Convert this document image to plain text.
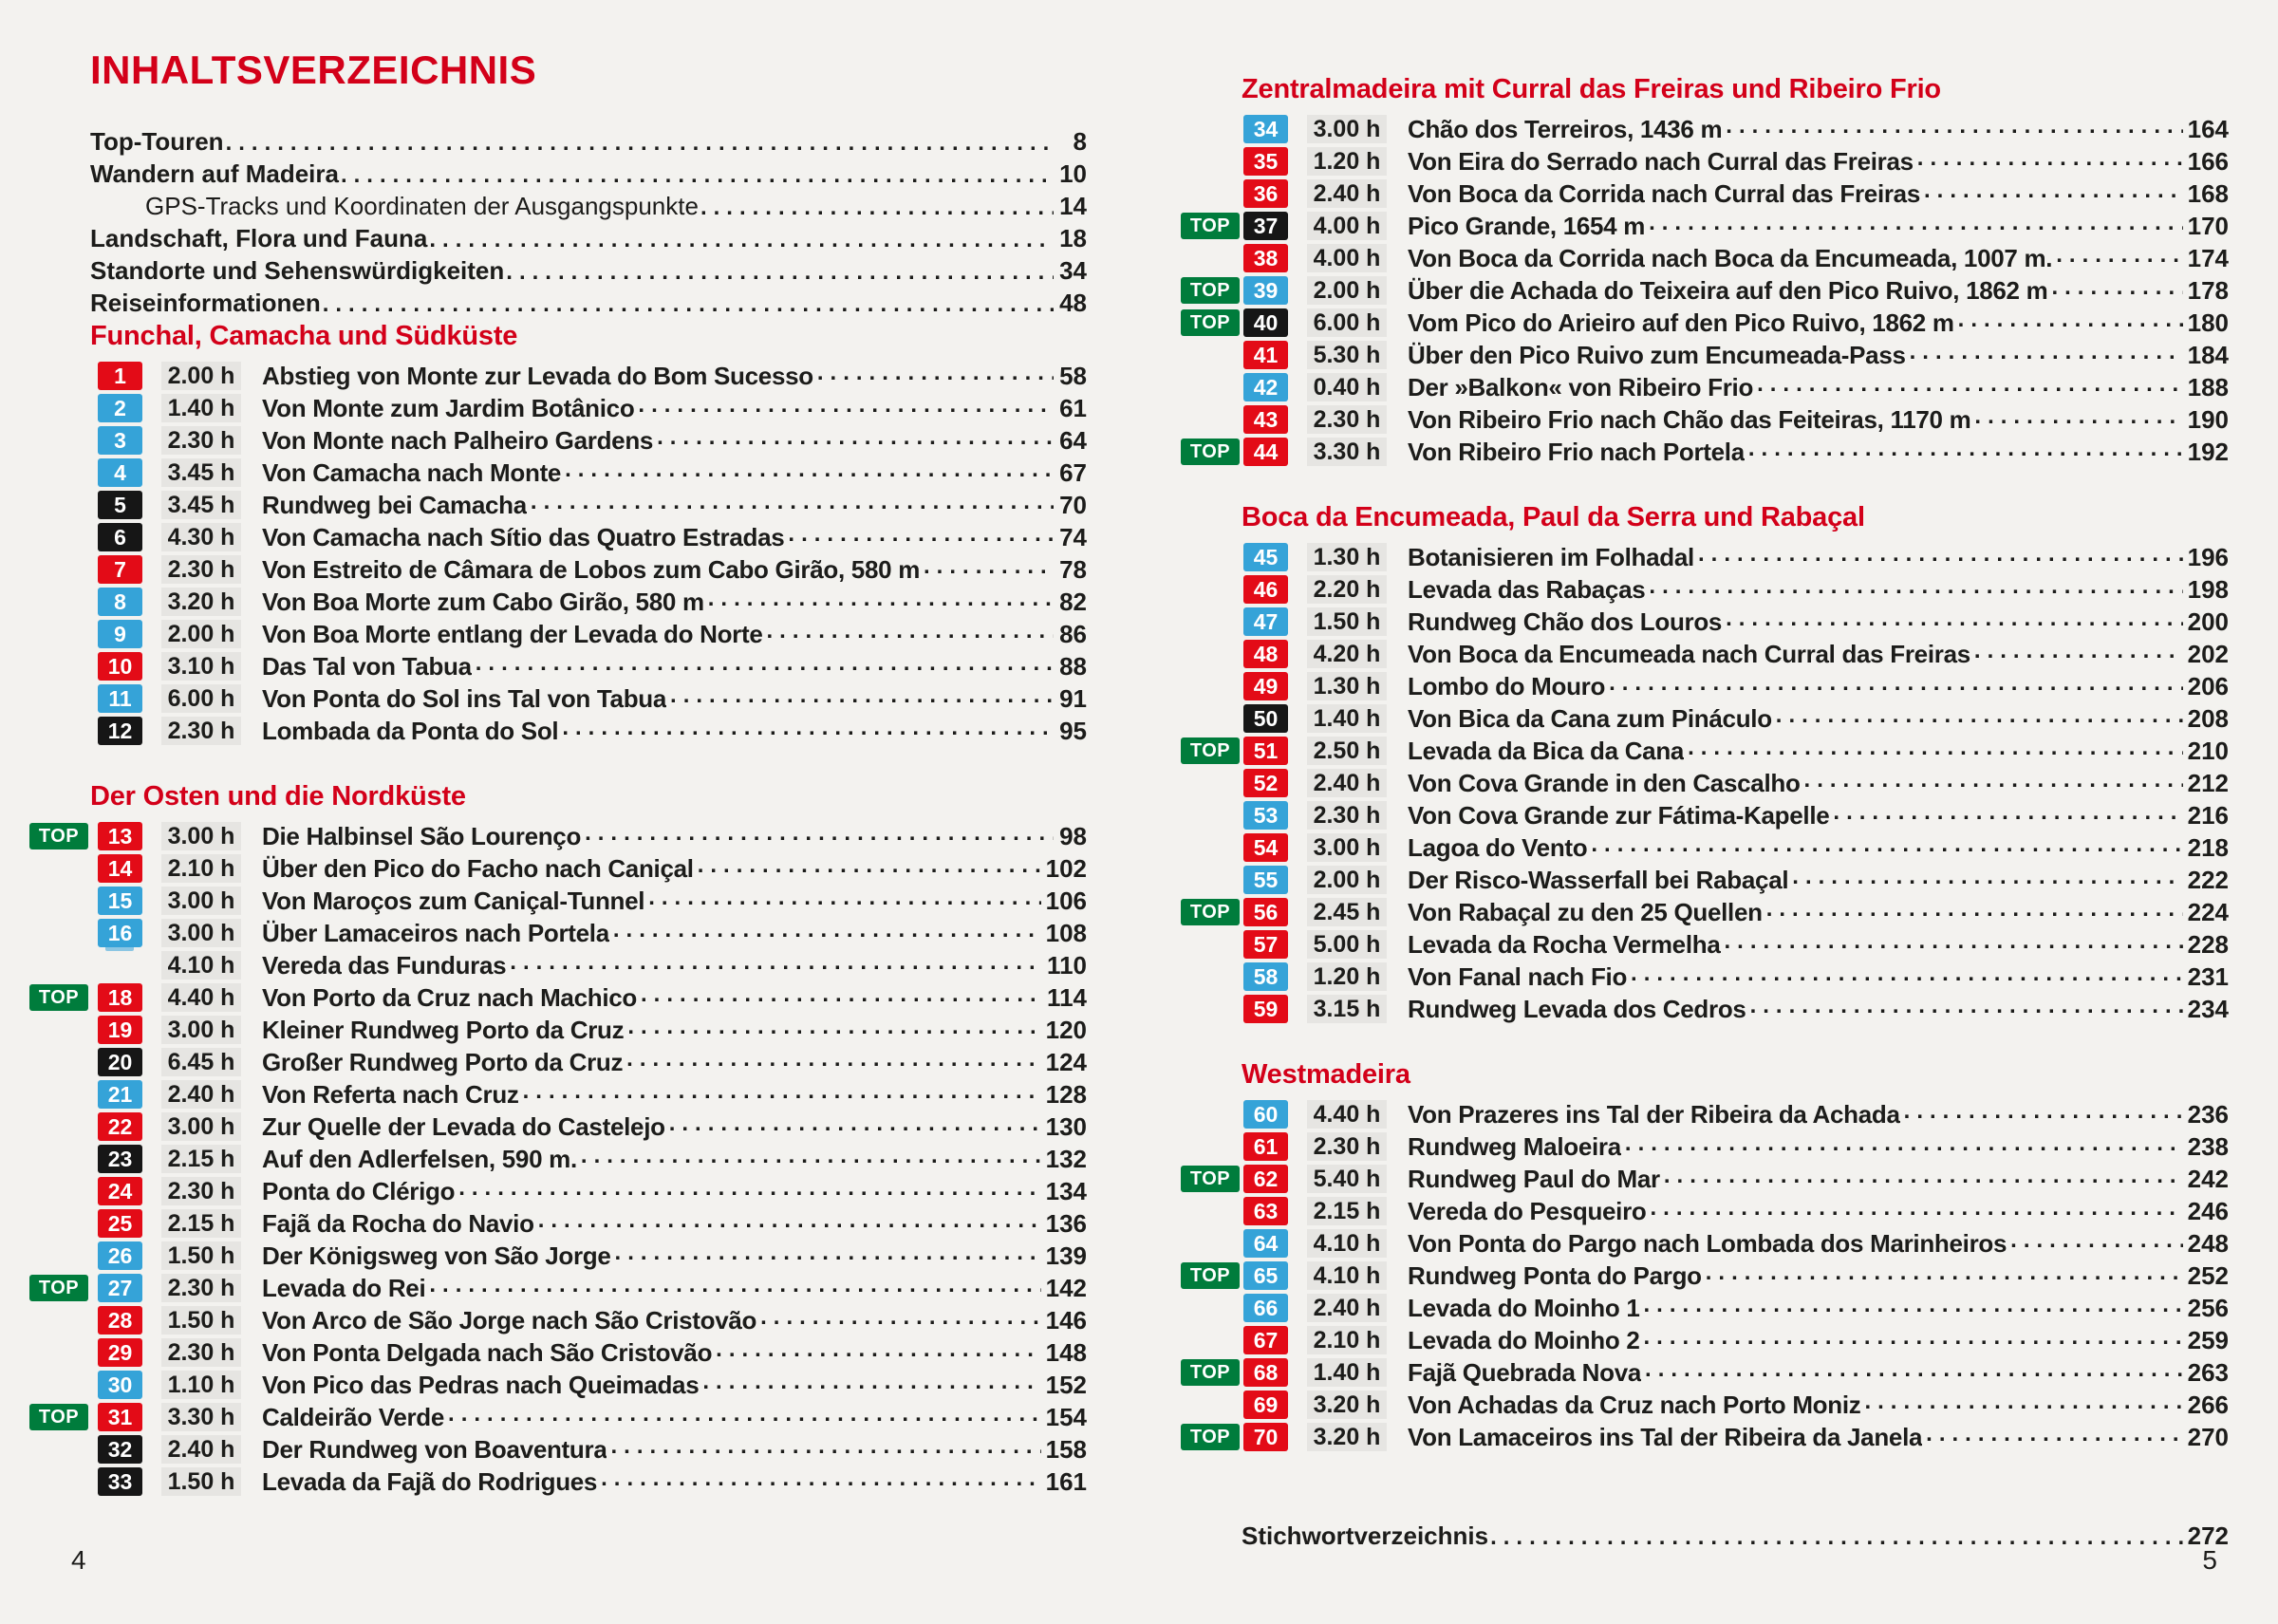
INHALTSVERZEICHNIS
Top-Touren .....	8
Wandern auf Madeira .....	10
GPS-Tracks und Koordinaten der Ausgangspunkte .....	14
Landschaft, Flora und Fauna .....	18
Standorte und Sehenswürdigkeiten .....	34
Reiseinformationen .....	48
Funchal, Camacha und Südküste
1	2.00 h Abstieg von Monte zur Levada do Bom Sucesso .....	58
2	1.40 h Von Monte zum Jardim Botânico .....	61
3	2.30 h Von Monte nach Palheiro Gardens .....	64
4	3.45 h Von Camacha nach Monte .....	67
5	3.45 h Rundweg bei Camacha .....	70
6	4.30 h Von Camacha nach Sítio das Quatro Estradas .....	74
7	2.30 h Von Estreito de Câmara de Lobos zum Cabo Girão, 580 m .....	78
8	3.20 h Von Boa Morte zum Cabo Girão, 580 m .....	82
9	2.00 h Von Boa Morte entlang der Levada do Norte .....	86
10	3.10 h Das Tal von Tabua .....	88
11	6.00 h Von Ponta do Sol ins Tal von Tabua .....	91
12	2.30 h Lombada da Ponta do Sol .....	95
Der Osten und die Nordküste
TOP	13	3.00 h Die Halbinsel São Lourenço .....	98
14	2.10 h Über den Pico do Facho nach Caniçal .....	102
15	3.00 h Von Maroços zum Caniçal-Tunnel .....	106
16	3.00 h Über Lamaceiros nach Portela .....	108
4.10 h Vereda das Funduras .....	110
TOP	18	4.40 h Von Porto da Cruz nach Machico .....	114
19	3.00 h Kleiner Rundweg Porto da Cruz .....	120
20	6.45 h Großer Rundweg Porto da Cruz .....	124
21	2.40 h Von Referta nach Cruz .....	128
22	3.00 h Zur Quelle der Levada do Castelejo .....	130
23	2.15 h Auf den Adlerfelsen, 590 m. .....	132
24	2.30 h Ponta do Clérigo .....	134
25	2.15 h Fajã da Rocha do Navio .....	136
26	1.50 h Der Königsweg von São Jorge .....	139
TOP	27	2.30 h Levada do Rei .....	142
28	1.50 h Von Arco de São Jorge nach São Cristovão .....	146
29	2.30 h Von Ponta Delgada nach São Cristovão .....	148
30	1.10 h Von Pico das Pedras nach Queimadas .....	152
TOP	31	3.30 h Caldeirão Verde .....	154
32	2.40 h Der Rundweg von Boaventura .....	158
33	1.50 h Levada da Fajã do Rodrigues .....	161
4
Zentralmadeira mit Curral das Freiras und Ribeiro Frio
34	3.00 h Chão dos Terreiros, 1436 m .....	164
35	1.20 h Von Eira do Serrado nach Curral das Freiras .....	166
36	2.40 h Von Boca da Corrida nach Curral das Freiras .....	168
TOP	37	4.00 h Pico Grande, 1654 m .....	170
38	4.00 h Von Boca da Corrida nach Boca da Encumeada, 1007 m. .....	174
TOP	39	2.00 h Über die Achada do Teixeira auf den Pico Ruivo, 1862 m .....	178
TOP	40	6.00 h Vom Pico do Arieiro auf den Pico Ruivo, 1862 m .....	180
41	5.30 h Über den Pico Ruivo zum Encumeada-Pass .....	184
42	0.40 h Der »Balkon« von Ribeiro Frio .....	188
43	2.30 h Von Ribeiro Frio nach Chão das Feiteiras, 1170 m .....	190
TOP	44	3.30 h Von Ribeiro Frio nach Portela .....	192
Boca da Encumeada, Paul da Serra und Rabaçal
45	1.30 h Botanisieren im Folhadal .....	196
46	2.20 h Levada das Rabaças .....	198
47	1.50 h Rundweg Chão dos Louros .....	200
48	4.20 h Von Boca da Encumeada nach Curral das Freiras .....	202
49	1.30 h Lombo do Mouro .....	206
50	1.40 h Von Bica da Cana zum Pináculo .....	208
TOP	51	2.50 h Levada da Bica da Cana .....	210
52	2.40 h Von Cova Grande in den Cascalho .....	212
53	2.30 h Von Cova Grande zur Fátima-Kapelle .....	216
54	3.00 h Lagoa do Vento .....	218
55	2.00 h Der Risco-Wasserfall bei Rabaçal .....	222
TOP	56	2.45 h Von Rabaçal zu den 25 Quellen .....	224
57	5.00 h Levada da Rocha Vermelha .....	228
58	1.20 h Von Fanal nach Fio .....	231
59	3.15 h Rundweg Levada dos Cedros .....	234
Westmadeira
60	4.40 h Von Prazeres ins Tal der Ribeira da Achada .....	236
61	2.30 h Rundweg Maloeira .....	238
TOP	62	5.40 h Rundweg Paul do Mar .....	242
63	2.15 h Vereda do Pesqueiro .....	246
64	4.10 h Von Ponta do Pargo nach Lombada dos Marinheiros .....	248
TOP	65	4.10 h Rundweg Ponta do Pargo .....	252
66	2.40 h Levada do Moinho 1 .....	256
67	2.10 h Levada do Moinho 2 .....	259
TOP	68	1.40 h Fajã Quebrada Nova .....	263
69	3.20 h Von Achadas da Cruz nach Porto Moniz .....	266
TOP	70	3.20 h Von Lamaceiros ins Tal der Ribeira da Janela .....	270
Stichwortverzeichnis .....	272
5
